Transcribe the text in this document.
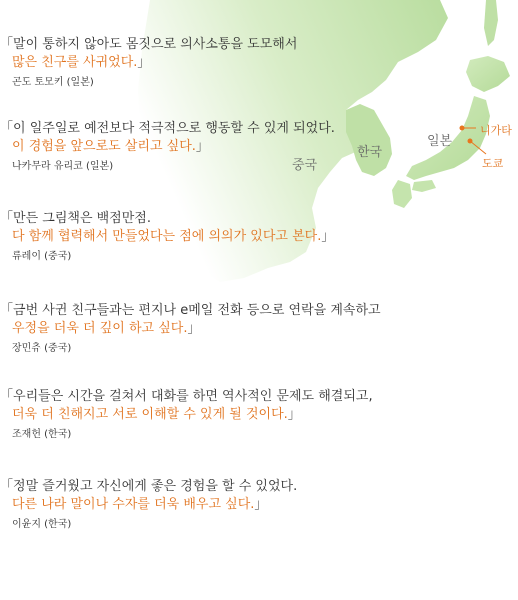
중국
한국
일본
니가타
도쿄
「말이 통하지 않아도 몸짓으로 의사소통을 도모해서
많은 친구를 사귀었다.」
곤도 토모키 (일본)
「이 일주일로 예전보다 적극적으로 행동할 수 있게 되었다.
이 경험을 앞으로도 살리고 싶다.」
나카무라 유리코 (일본)
「만든 그림책은 백점만점.
다 함께 협력해서 만들었다는 점에 의의가 있다고 본다.」
류레이 (중국)
「금번 사귄 친구들과는 편지나 e메일 전화 등으로 연락을 계속하고
우정을 더욱 더 깊이 하고 싶다.」
장민츄 (중국)
「우리들은 시간을 걸쳐서 대화를 하면 역사적인 문제도 해결되고,
더욱 더 친해지고 서로 이해할 수 있게 될 것이다.」
조재헌 (한국)
「정말 즐거웠고 자신에게 좋은 경험을 할 수 있었다.
다른 나라 말이나 수자를 더욱 배우고 싶다.」
이윤지 (한국)
